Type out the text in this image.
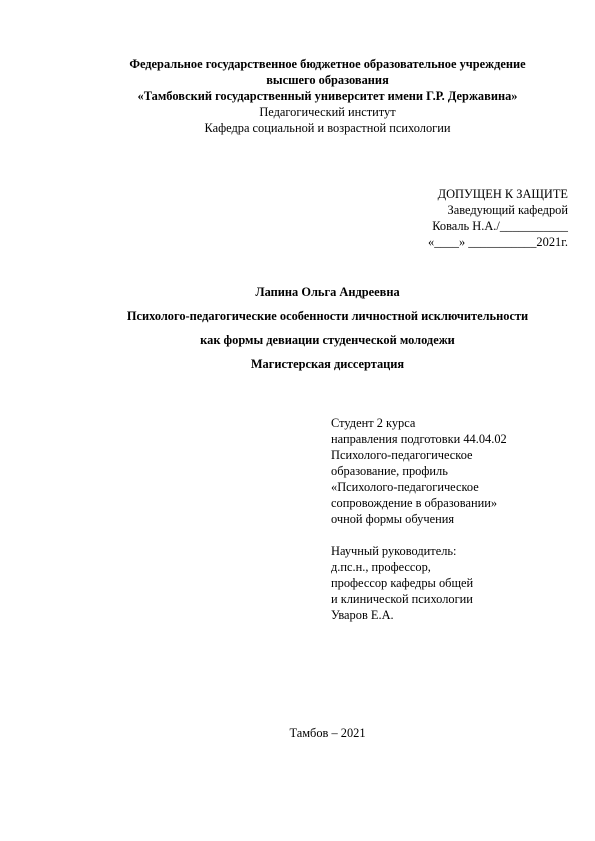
Федеральное государственное бюджетное образовательное учреждение
высшего образования
«Тамбовский государственный университет имени Г.Р. Державина»
Педагогический институт
Кафедра социальной и возрастной психологии
ДОПУЩЕН К ЗАЩИТЕ
Заведующий кафедрой
Коваль Н.А./___________
«____» ___________2021г.
Лапина Ольга Андреевна
Психолого-педагогические особенности личностной исключительности
как формы девиации студенческой молодежи
Магистерская диссертация
Студент 2 курса
направления подготовки 44.04.02
Психолого-педагогическое
образование, профиль
«Психолого-педагогическое
сопровождение в образовании»
очной формы обучения
Научный руководитель:
д.пс.н., профессор,
профессор кафедры общей
и клинической психологии
Уваров Е.А.
Тамбов – 2021
